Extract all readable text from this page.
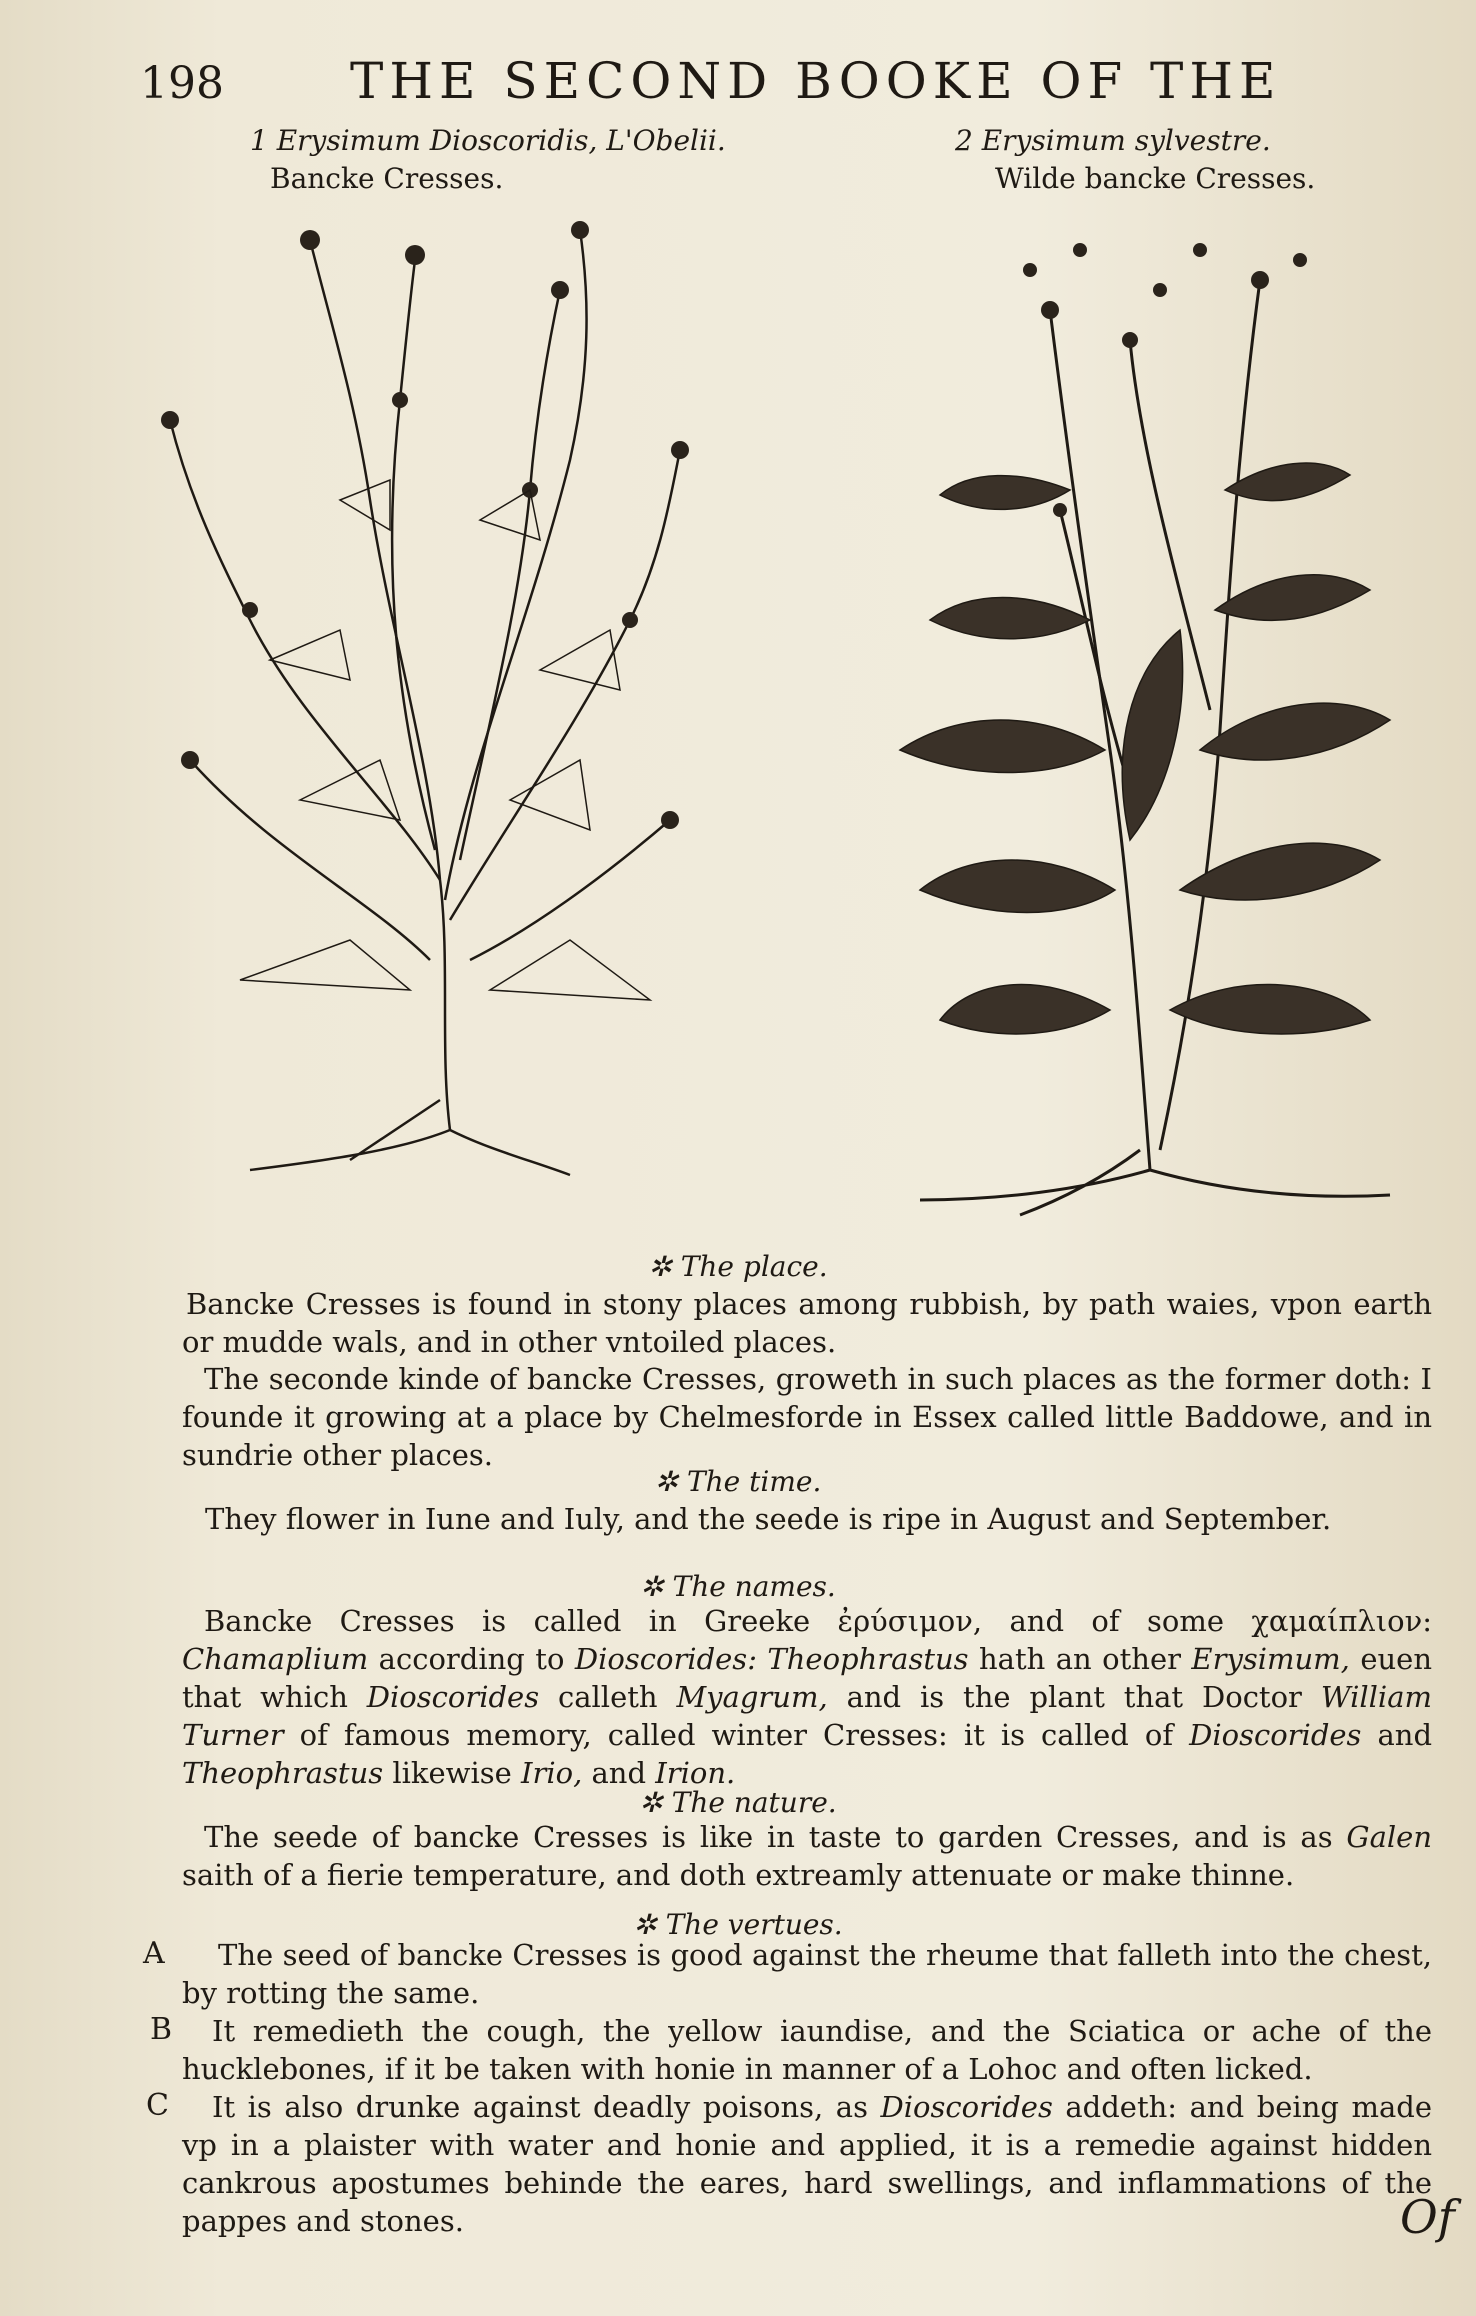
198	THE SECOND BOOKE OF THE
1 Erysimum Dioscoridis, L'Obelii.
Bancke Cresses.
2 Erysimum sylvestre.
Wilde bancke Cresses.
✲ The place.
Bancke Cresses is found in stony places among rubbish, by path waies, vpon earth or mudde wals, and in other vntoiled places.
The seconde kinde of bancke Cresses, groweth in such places as the former doth: I founde it growing at a place by Chelmesforde in Essex called little Baddowe, and in sundrie other places.
✲ The time.
They flower in Iune and Iuly, and the seede is ripe in August and September.
✲ The names.
Bancke Cresses is called in Greeke ἐρύσιμον, and of some χαμαίπλιον: Chamaplium according to Dioscorides: Theophrastus hath an other Erysimum, euen that which Dioscorides calleth Myagrum, and is the plant that Doctor William Turner of famous memory, called winter Cresses: it is called of Dioscorides and Theophrastus likewise Irio, and Irion.
✲ The nature.
The seede of bancke Cresses is like in taste to garden Cresses, and is as Galen saith of a fierie temperature, and doth extreamly attenuate or make thinne.
✲ The vertues.
A	The seed of bancke Cresses is good against the rheume that falleth into the chest, by rotting the same.
B	It remedieth the cough, the yellow iaundise, and the Sciatica or ache of the hucklebones, if it be taken with honie in manner of a Lohoc and often licked.
C	It is also drunke against deadly poisons, as Dioscorides addeth: and being made vp in a plaister with water and honie and applied, it is a remedie against hidden cankrous apostumes behinde the eares, hard swellings, and inflammations of the pappes and stones.	Of
